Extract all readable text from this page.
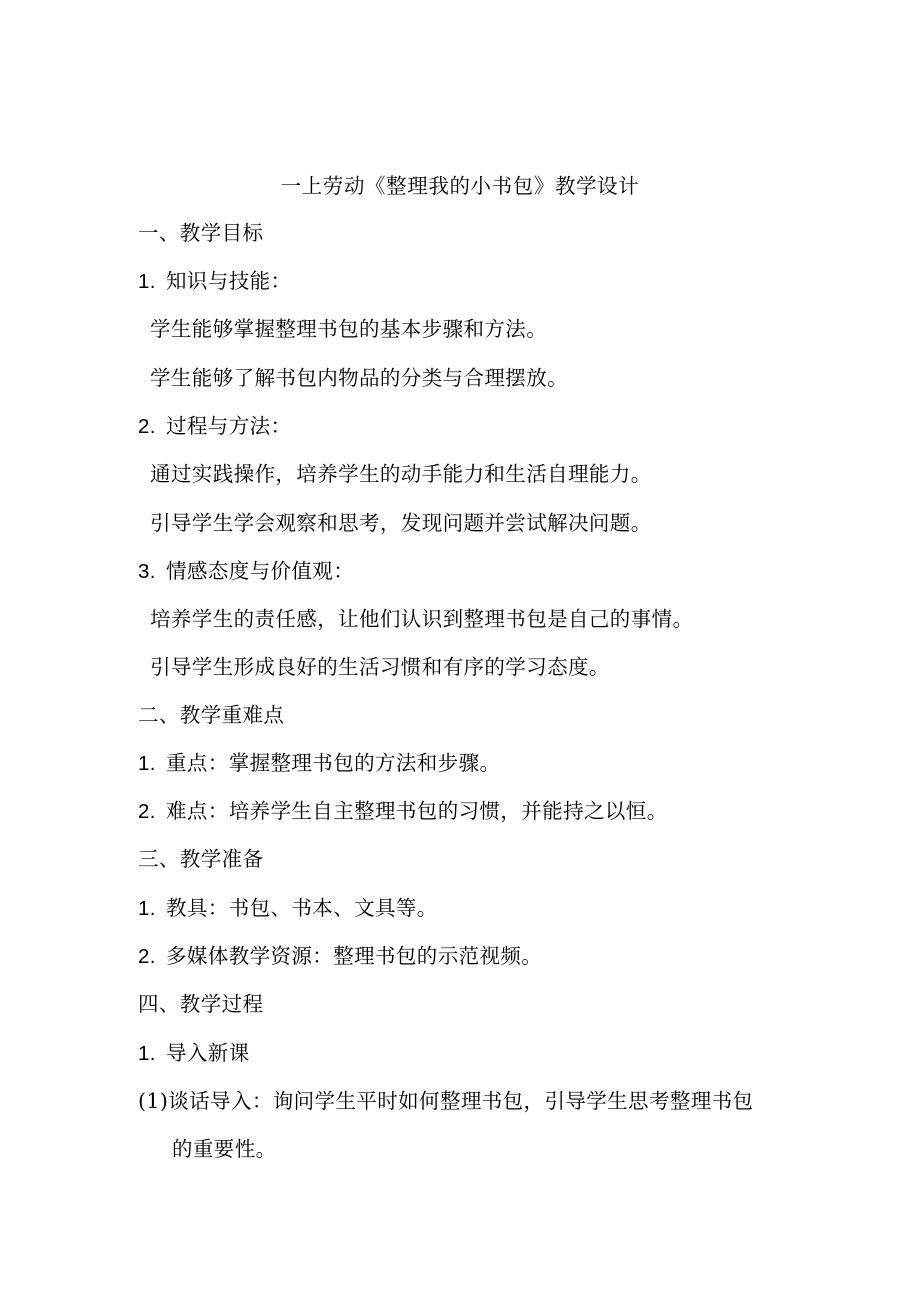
一上劳动《整理我的小书包》教学设计
一、教学目标
1. 知识与技能：
学生能够掌握整理书包的基本步骤和方法。
学生能够了解书包内物品的分类与合理摆放。
2. 过程与方法：
通过实践操作，培养学生的动手能力和生活自理能力。
引导学生学会观察和思考，发现问题并尝试解决问题。
3. 情感态度与价值观：
培养学生的责任感，让他们认识到整理书包是自己的事情。
引导学生形成良好的生活习惯和有序的学习态度。
二、教学重难点
1. 重点：掌握整理书包的方法和步骤。
2. 难点：培养学生自主整理书包的习惯，并能持之以恒。
三、教学准备
1. 教具：书包、书本、文具等。
2. 多媒体教学资源：整理书包的示范视频。
四、教学过程
1. 导入新课
(1)谈话导入：询问学生平时如何整理书包，引导学生思考整理书包
的重要性。
